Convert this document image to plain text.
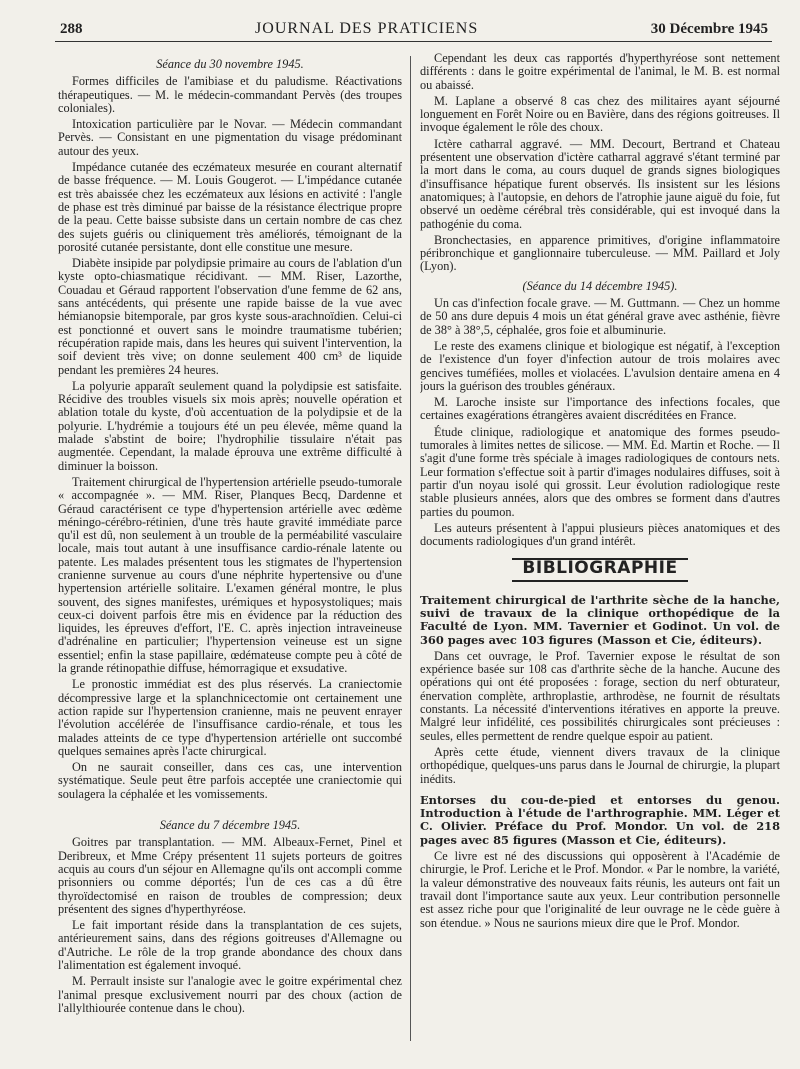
288	JOURNAL DES PRATICIENS	30 Décembre 1945
Séance du 30 novembre 1945.

Formes difficiles de l'amibiase et du paludisme. Réactivations thérapeutiques. — M. le médecin-commandant Pervès (des troupes coloniales).

Intoxication particulière par le Novar. — Médecin commandant Pervès. — Consistant en une pigmentation du visage prédominant autour des yeux.

Impédance cutanée des eczémateux mesurée en courant alternatif de basse fréquence. — M. Louis Gougerot. — L'impédance cutanée est très abaissée chez les eczémateux aux lésions en activité : l'angle de phase est très diminué par baisse de la résistance électrique propre de la peau. Cette baisse subsiste dans un certain nombre de cas chez des sujets guéris ou cliniquement très améliorés, témoignant de la porosité cutanée persistante, dont elle constitue une mesure.

Diabète insipide par polydipsie primaire au cours de l'ablation d'un kyste opto-chiasmatique récidivant. — MM. Riser, Lazorthe, Couadau et Géraud rapportent l'observation d'une femme de 62 ans, sans antécédents, qui présente une rapide baisse de la vue avec hémianopsie bitemporale, par gros kyste sous-arachnoïdien. Celui-ci est ponctionné et ouvert sans le moindre traumatisme tubérien; récupération rapide mais, dans les heures qui suivent l'intervention, la soif devient très vive; on donne seulement 400 cm³ de liquide pendant les premières 24 heures.

La polyurie apparaît seulement quand la polydipsie est satisfaite. Récidive des troubles visuels six mois après; nouvelle opération et ablation totale du kyste, d'où accentuation de la polydipsie et de la polyurie. L'hydrémie a toujours été un peu élevée, même quand la malade s'abstint de boire; l'hydrophilie tissulaire n'était pas augmentée. Cependant, la malade éprouva une extrême difficulté à diminuer la boisson.

Traitement chirurgical de l'hypertension artérielle pseudo-tumorale « accompagnée ». — MM. Riser, Planques Becq, Dardenne et Géraud caractérisent ce type d'hypertension artérielle avec œdème méningo-cérébro-rétinien, d'une très haute gravité immédiate parce qu'il est dû, non seulement à un trouble de la perméabilité vasculaire locale, mais tout autant à une insuffisance cardio-rénale latente ou patente. Les malades présentent tous les stigmates de l'hypertension cranienne survenue au cours d'une néphrite hypertensive ou d'une hypertension artérielle solitaire. L'examen général montre, le plus souvent, des signes manifestes, urémiques et hyposystoliques; mais ceux-ci doivent parfois être mis en évidence par la réduction des liquides, les épreuves d'effort, l'E. C. après injection intraveineuse d'adrénaline en particulier; l'hypertension veineuse est un signe essentiel; enfin la stase papillaire, œdémateuse compte peu à côté de la grande rétinopathie diffuse, hémorragique et exsudative.

Le pronostic immédiat est des plus réservés. La craniectomie décompressive large et la splanchnicectomie ont certainement une action rapide sur l'hypertension cranienne, mais ne peuvent enrayer l'évolution accélérée de l'insuffisance cardio-rénale, et tous les malades atteints de ce type d'hypertension artérielle ont succombé quelques semaines après l'acte chirurgical.

On ne saurait conseiller, dans ces cas, une intervention systématique. Seule peut être parfois acceptée une craniectomie qui soulagera la céphalée et les vomissements.

Séance du 7 décembre 1945.

Goitres par transplantation. — MM. Albeaux-Fernet, Pinel et Deribreux, et Mme Crépy présentent 11 sujets porteurs de goitres acquis au cours d'un séjour en Allemagne qu'ils ont accompli comme prisonniers ou comme déportés; l'un de ces cas a dû être thyroïdectomisé en raison de troubles de compression; deux présentent des signes d'hyperthyréose.

Le fait important réside dans la transplantation de ces sujets, antérieurement sains, dans des régions goitreuses d'Allemagne ou d'Autriche. Le rôle de la trop grande abondance des choux dans l'alimentation est également invoqué.

M. Perrault insiste sur l'analogie avec le goitre expérimental chez l'animal presque exclusivement nourri par des choux (action de l'allylthiourée contenue dans le chou).

Cependant les deux cas rapportés d'hyperthyréose sont nettement différents : dans le goitre expérimental de l'animal, le M. B. est normal ou abaissé.

M. Laplane a observé 8 cas chez des militaires ayant séjourné longuement en Forêt Noire ou en Bavière, dans des régions goitreuses. Il invoque également le rôle des choux.

Ictère catharral aggravé. — MM. Decourt, Bertrand et Chateau présentent une observation d'ictère catharral aggravé s'étant terminé par la mort dans le coma, au cours duquel de grands signes biologiques d'insuffisance hépatique furent observés. Ils insistent sur les lésions anatomiques; à l'autopsie, en dehors de l'atrophie jaune aiguë du foie, fut observé un oedème cérébral très considérable, qui est invoqué dans la pathogénie du coma.

Bronchectasies, en apparence primitives, d'origine inflammatoire péribronchique et ganglionnaire tuberculeuse. — MM. Paillard et Joly (Lyon).

(Séance du 14 décembre 1945).

Un cas d'infection focale grave. — M. Guttmann. — Chez un homme de 50 ans dure depuis 4 mois un état général grave avec asthénie, fièvre de 38° à 38°,5, céphalée, gros foie et albuminurie.

Le reste des examens clinique et biologique est négatif, à l'exception de l'existence d'un foyer d'infection autour de trois molaires avec gencives tuméfiées, molles et violacées. L'avulsion dentaire amena en 4 jours la guérison des troubles généraux.

M. Laroche insiste sur l'importance des infections focales, que certaines exagérations étrangères avaient discréditées en France.

Étude clinique, radiologique et anatomique des formes pseudo-tumorales à limites nettes de silicose. — MM. Ed. Martin et Roche. — Il s'agit d'une forme très spéciale à images radiologiques de contours nets. Leur formation s'effectue soit à partir d'images nodulaires diffuses, soit à partir d'un noyau isolé qui grossit. Leur évolution radiologique reste stable plusieurs années, alors que des ombres se forment dans d'autres parties du poumon.

Les auteurs présentent à l'appui plusieurs pièces anatomiques et des documents radiologiques d'un grand intérêt.

BIBLIOGRAPHIE

Traitement chirurgical de l'arthrite sèche de la hanche, suivi de travaux de la clinique orthopédique de la Faculté de Lyon. MM. Tavernier et Godinot. Un vol. de 360 pages avec 103 figures (Masson et Cie, éditeurs).

Dans cet ouvrage, le Prof. Tavernier expose le résultat de son expérience basée sur 108 cas d'arthrite sèche de la hanche. Aucune des opérations qui ont été proposées : forage, section du nerf obturateur, énervation complète, arthroplastie, arthrodèse, ne fournit de résultats constants. La nécessité d'interventions itératives en apporte la preuve. Malgré leur infidélité, ces possibilités chirurgicales sont précieuses : seules, elles permettent de rendre quelque espoir au patient.

Après cette étude, viennent divers travaux de la clinique orthopédique, quelques-uns parus dans le Journal de chirurgie, la plupart inédits.

Entorses du cou-de-pied et entorses du genou. Introduction à l'étude de l'arthrographie. MM. Léger et C. Olivier. Préface du Prof. Mondor. Un vol. de 218 pages avec 85 figures (Masson et Cie, éditeurs).

Ce livre est né des discussions qui opposèrent à l'Académie de chirurgie, le Prof. Leriche et le Prof. Mondor. « Par le nombre, la variété, la valeur démonstrative des nouveaux faits réunis, les auteurs ont fait un travail dont l'importance saute aux yeux. Leur contribution personnelle est assez riche pour que l'originalité de leur ouvrage ne le cède guère à son étendue. » Nous ne saurions mieux dire que le Prof. Mondor.
